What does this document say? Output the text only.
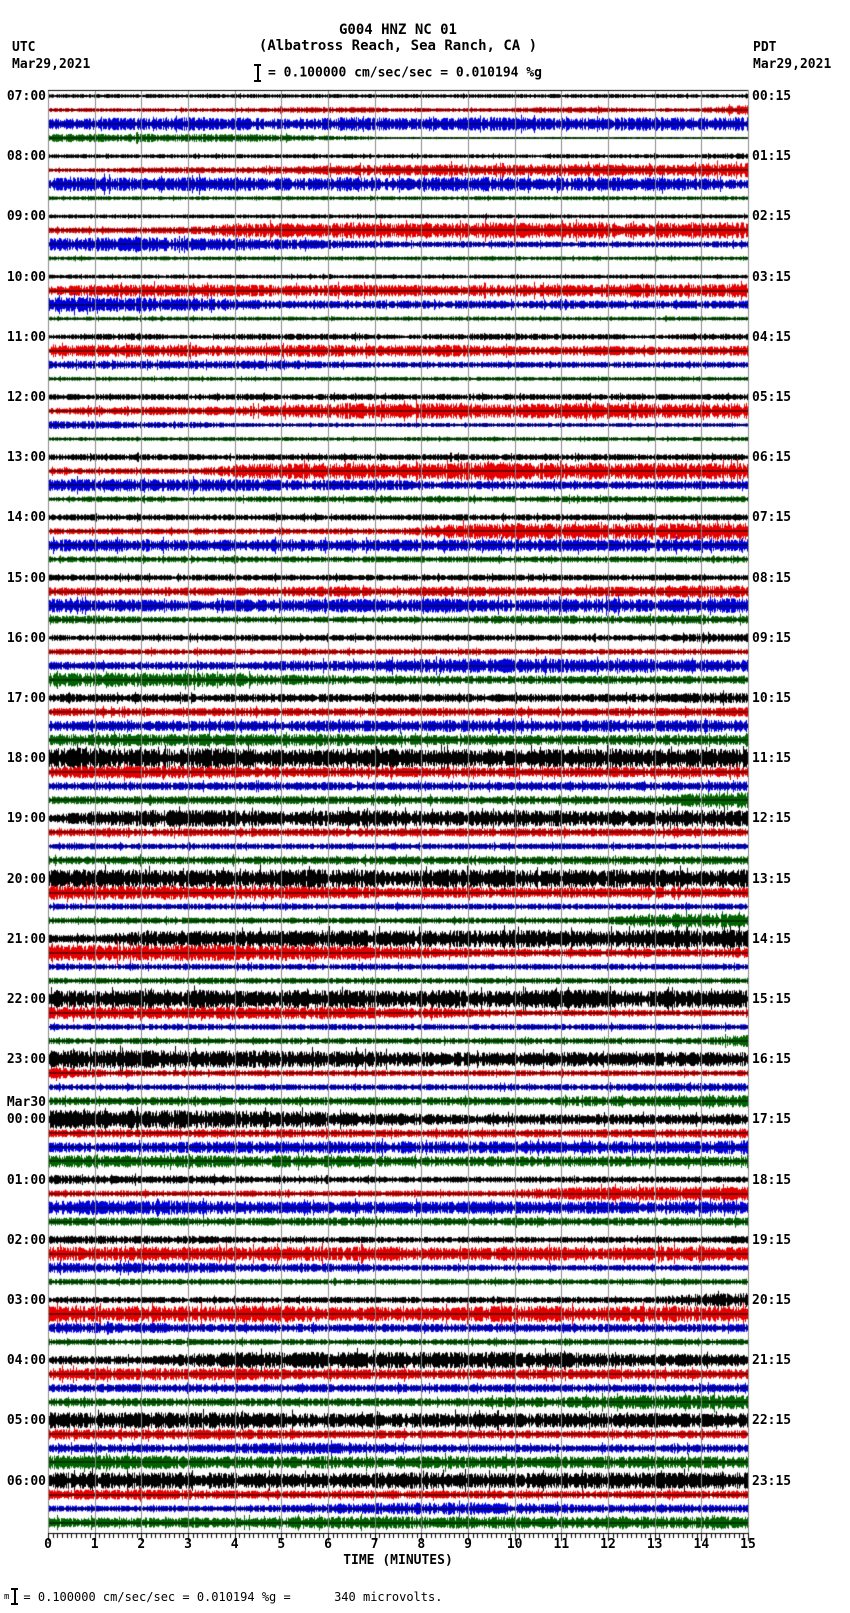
G004 HNZ NC 01
(Albatross Reach, Sea Ranch, CA )
UTC
Mar29,2021
PDT
Mar29,2021
= 0.100000 cm/sec/sec = 0.010194 %g
07:00
08:00
09:00
10:00
11:00
12:00
13:00
14:00
15:00
16:00
17:00
18:00
19:00
20:00
21:00
22:00
23:00
00:00
Mar30
01:00
02:00
03:00
04:00
05:00
06:00
00:15
01:15
02:15
03:15
04:15
05:15
06:15
07:15
08:15
09:15
10:15
11:15
12:15
13:15
14:15
15:15
16:15
17:15
18:15
19:15
20:15
21:15
22:15
23:15
0	1	2	3	4	5	6	7	8	9	10 11 12 13 14 15
TIME (MINUTES)
m = 0.100000 cm/sec/sec = 0.010194 %g =      340 microvolts.
